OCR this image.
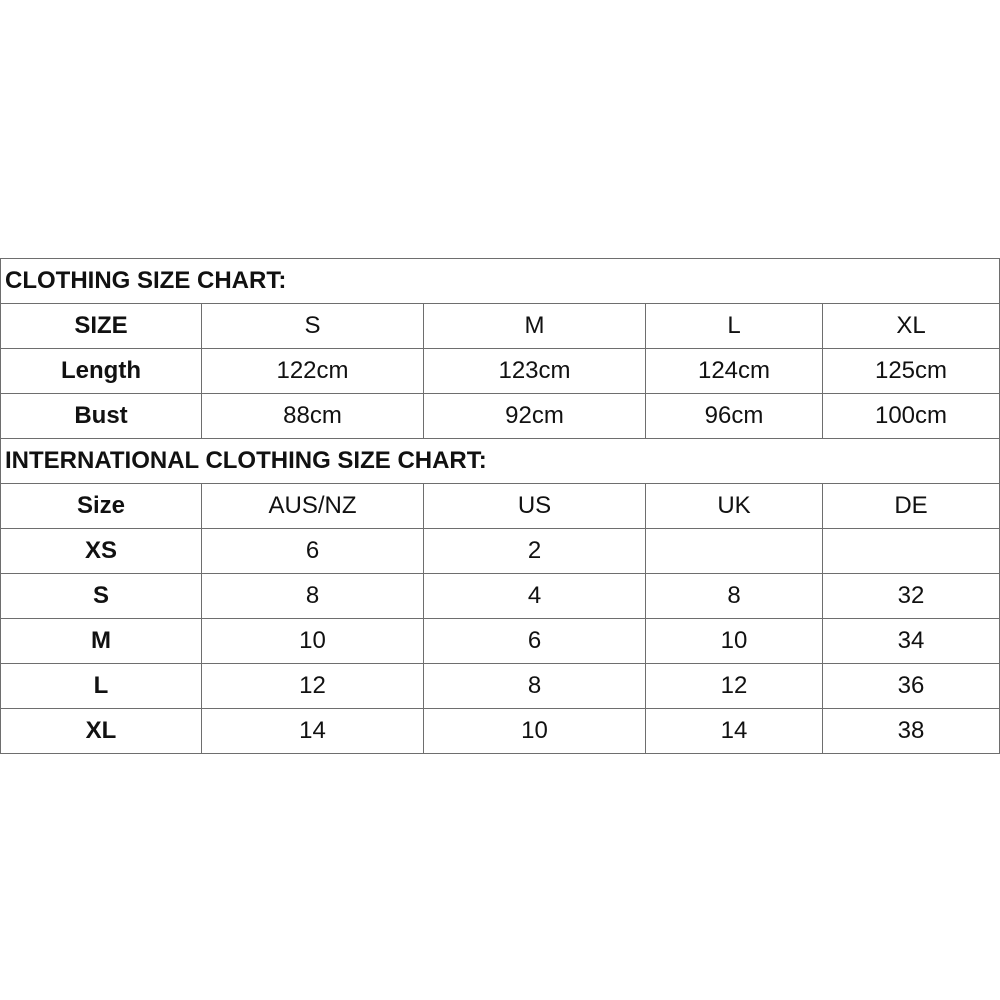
CLOTHING SIZE CHART:				
SIZE	S	M	L	XL
Length	122cm	123cm	124cm	125cm
Bust	88cm	92cm	96cm	100cm
INTERNATIONAL CLOTHING SIZE CHART:				
Size	AUS/NZ	US	UK	DE
XS	6	2		
S	8	4	8	32
M	10	6	10	34
L	12	8	12	36
XL	14	10	14	38
